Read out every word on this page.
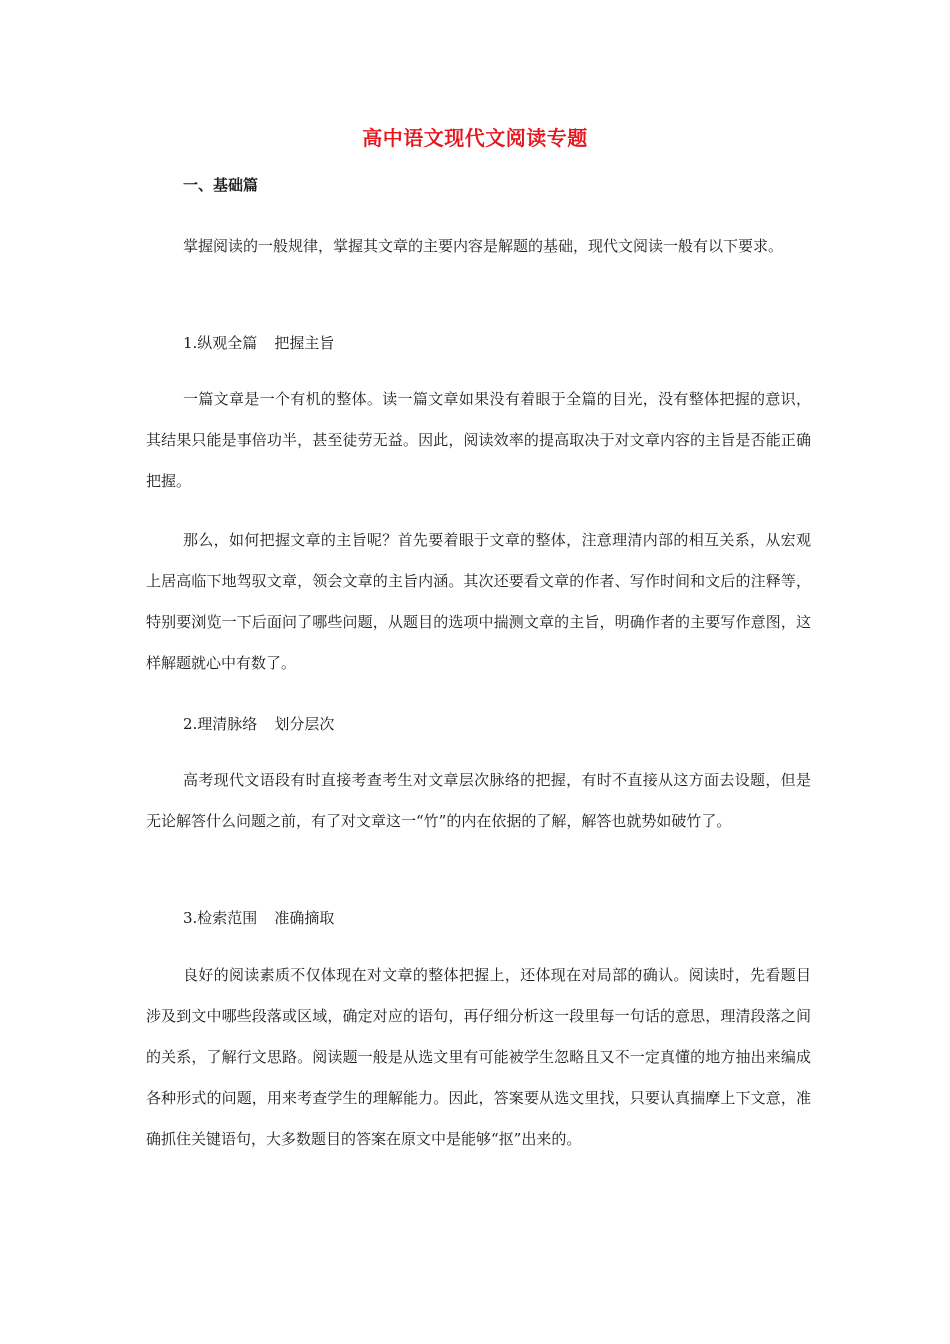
高中语文现代文阅读专题
一、基础篇
掌握阅读的一般规律，掌握其文章的主要内容是解题的基础，现代文阅读一般有以下要求。
1.纵观全篇 把握主旨
一篇文章是一个有机的整体。读一篇文章如果没有着眼于全篇的目光，没有整体把握的意识，其结果只能是事倍功半，甚至徒劳无益。因此，阅读效率的提高取决于对文章内容的主旨是否能正确把握。
那么，如何把握文章的主旨呢？首先要着眼于文章的整体，注意理清内部的相互关系，从宏观上居高临下地驾驭文章，领会文章的主旨内涵。其次还要看文章的作者、写作时间和文后的注释等，特别要浏览一下后面问了哪些问题，从题目的选项中揣测文章的主旨，明确作者的主要写作意图，这样解题就心中有数了。
2.理清脉络 划分层次
高考现代文语段有时直接考查考生对文章层次脉络的把握，有时不直接从这方面去设题，但是无论解答什么问题之前，有了对文章这一“竹”的内在依据的了解，解答也就势如破竹了。
3.检索范围 准确摘取
良好的阅读素质不仅体现在对文章的整体把握上，还体现在对局部的确认。阅读时，先看题目涉及到文中哪些段落或区域，确定对应的语句，再仔细分析这一段里每一句话的意思，理清段落之间的关系，了解行文思路。阅读题一般是从选文里有可能被学生忽略且又不一定真懂的地方抽出来编成各种形式的问题，用来考查学生的理解能力。因此，答案要从选文里找，只要认真揣摩上下文意，准确抓住关键语句，大多数题目的答案在原文中是能够“抠”出来的。
